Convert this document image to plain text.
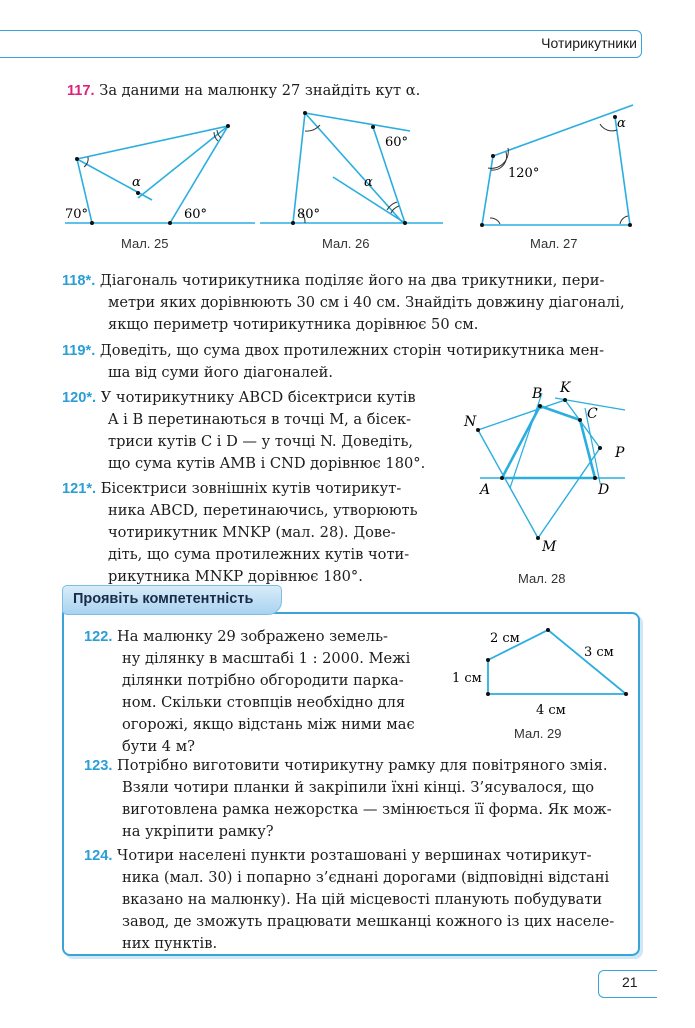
Чотирикутники
117. За даними на малюнку 27 знайдіть кут α.
70°	60°
α
Мал. 25
80°
60°
α
Мал. 26
120°
α
Мал. 27
118*. Діагональ чотирикутника поділяє його на два трикутники, пери-
метри яких дорівнюють 30 см і 40 см. Знайдіть довжину діагоналі,
якщо периметр чотирикутника дорівнює 50 см.
119*. Доведіть, що сума двох протилежних сторін чотирикутника мен-
ша від суми його діагоналей.
120*. У чотирикутнику ABCD бісектриси кутів
A і B перетинаються в точці M, а бісек-
триси кутів C і D — у точці N. Доведіть,
що сума кутів AMB і CND дорівнює 180°.
121*. Бісектриси зовнішніх кутів чотирикут-
ника ABCD, перетинаючись, утворюють
чотирикутник MNKP (мал. 28). Дове-
діть, що сума протилежних кутів чоти-
рикутника MNKP дорівнює 180°.
A
B
C
D
K
N
P
M
Мал. 28
Проявіть компетентність
122. На малюнку 29 зображено земель-
ну ділянку в масштабі 1 : 2000. Межі
ділянки потрібно обгородити парка-
ном. Скільки стовпців необхідно для
огорожі, якщо відстань між ними має
бути 4 м?
2 см
3 см
1 см
4 см
Мал. 29
123. Потрібно виготовити чотирикутну рамку для повітряного змія.
Взяли чотири планки й закріпили їхні кінці. З’ясувалося, що
виготовлена рамка нежорстка — змінюється її форма. Як мож-
на укріпити рамку?
124. Чотири населені пункти розташовані у вершинах чотирикут-
ника (мал. 30) і попарно з’єднані дорогами (відповідні відстані
вказано на малюнку). На цій місцевості планують побудувати
завод, де зможуть працювати мешканці кожного із цих населе-
них пунктів.
21
